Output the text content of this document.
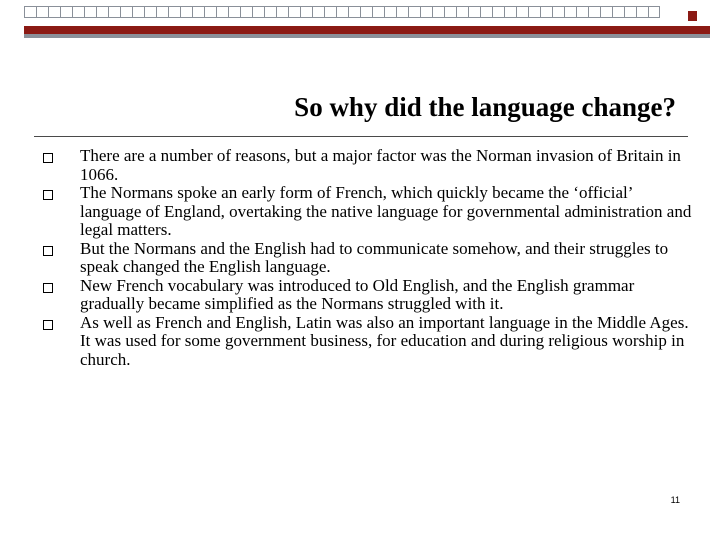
So why did the language change?
There are a number of reasons, but a major factor was the Norman invasion of Britain in 1066.
The Normans spoke an early form of French, which quickly became the ‘official’ language of England, overtaking the native language for governmental administration and legal matters.
But the Normans and the English had to communicate somehow, and their struggles to speak changed the English language.
New French vocabulary was introduced to Old English, and the English grammar gradually became simplified as the Normans struggled with it.
As well as French and English, Latin was also an important language in the Middle Ages. It was used for some government business, for education and during religious worship in church.
11
